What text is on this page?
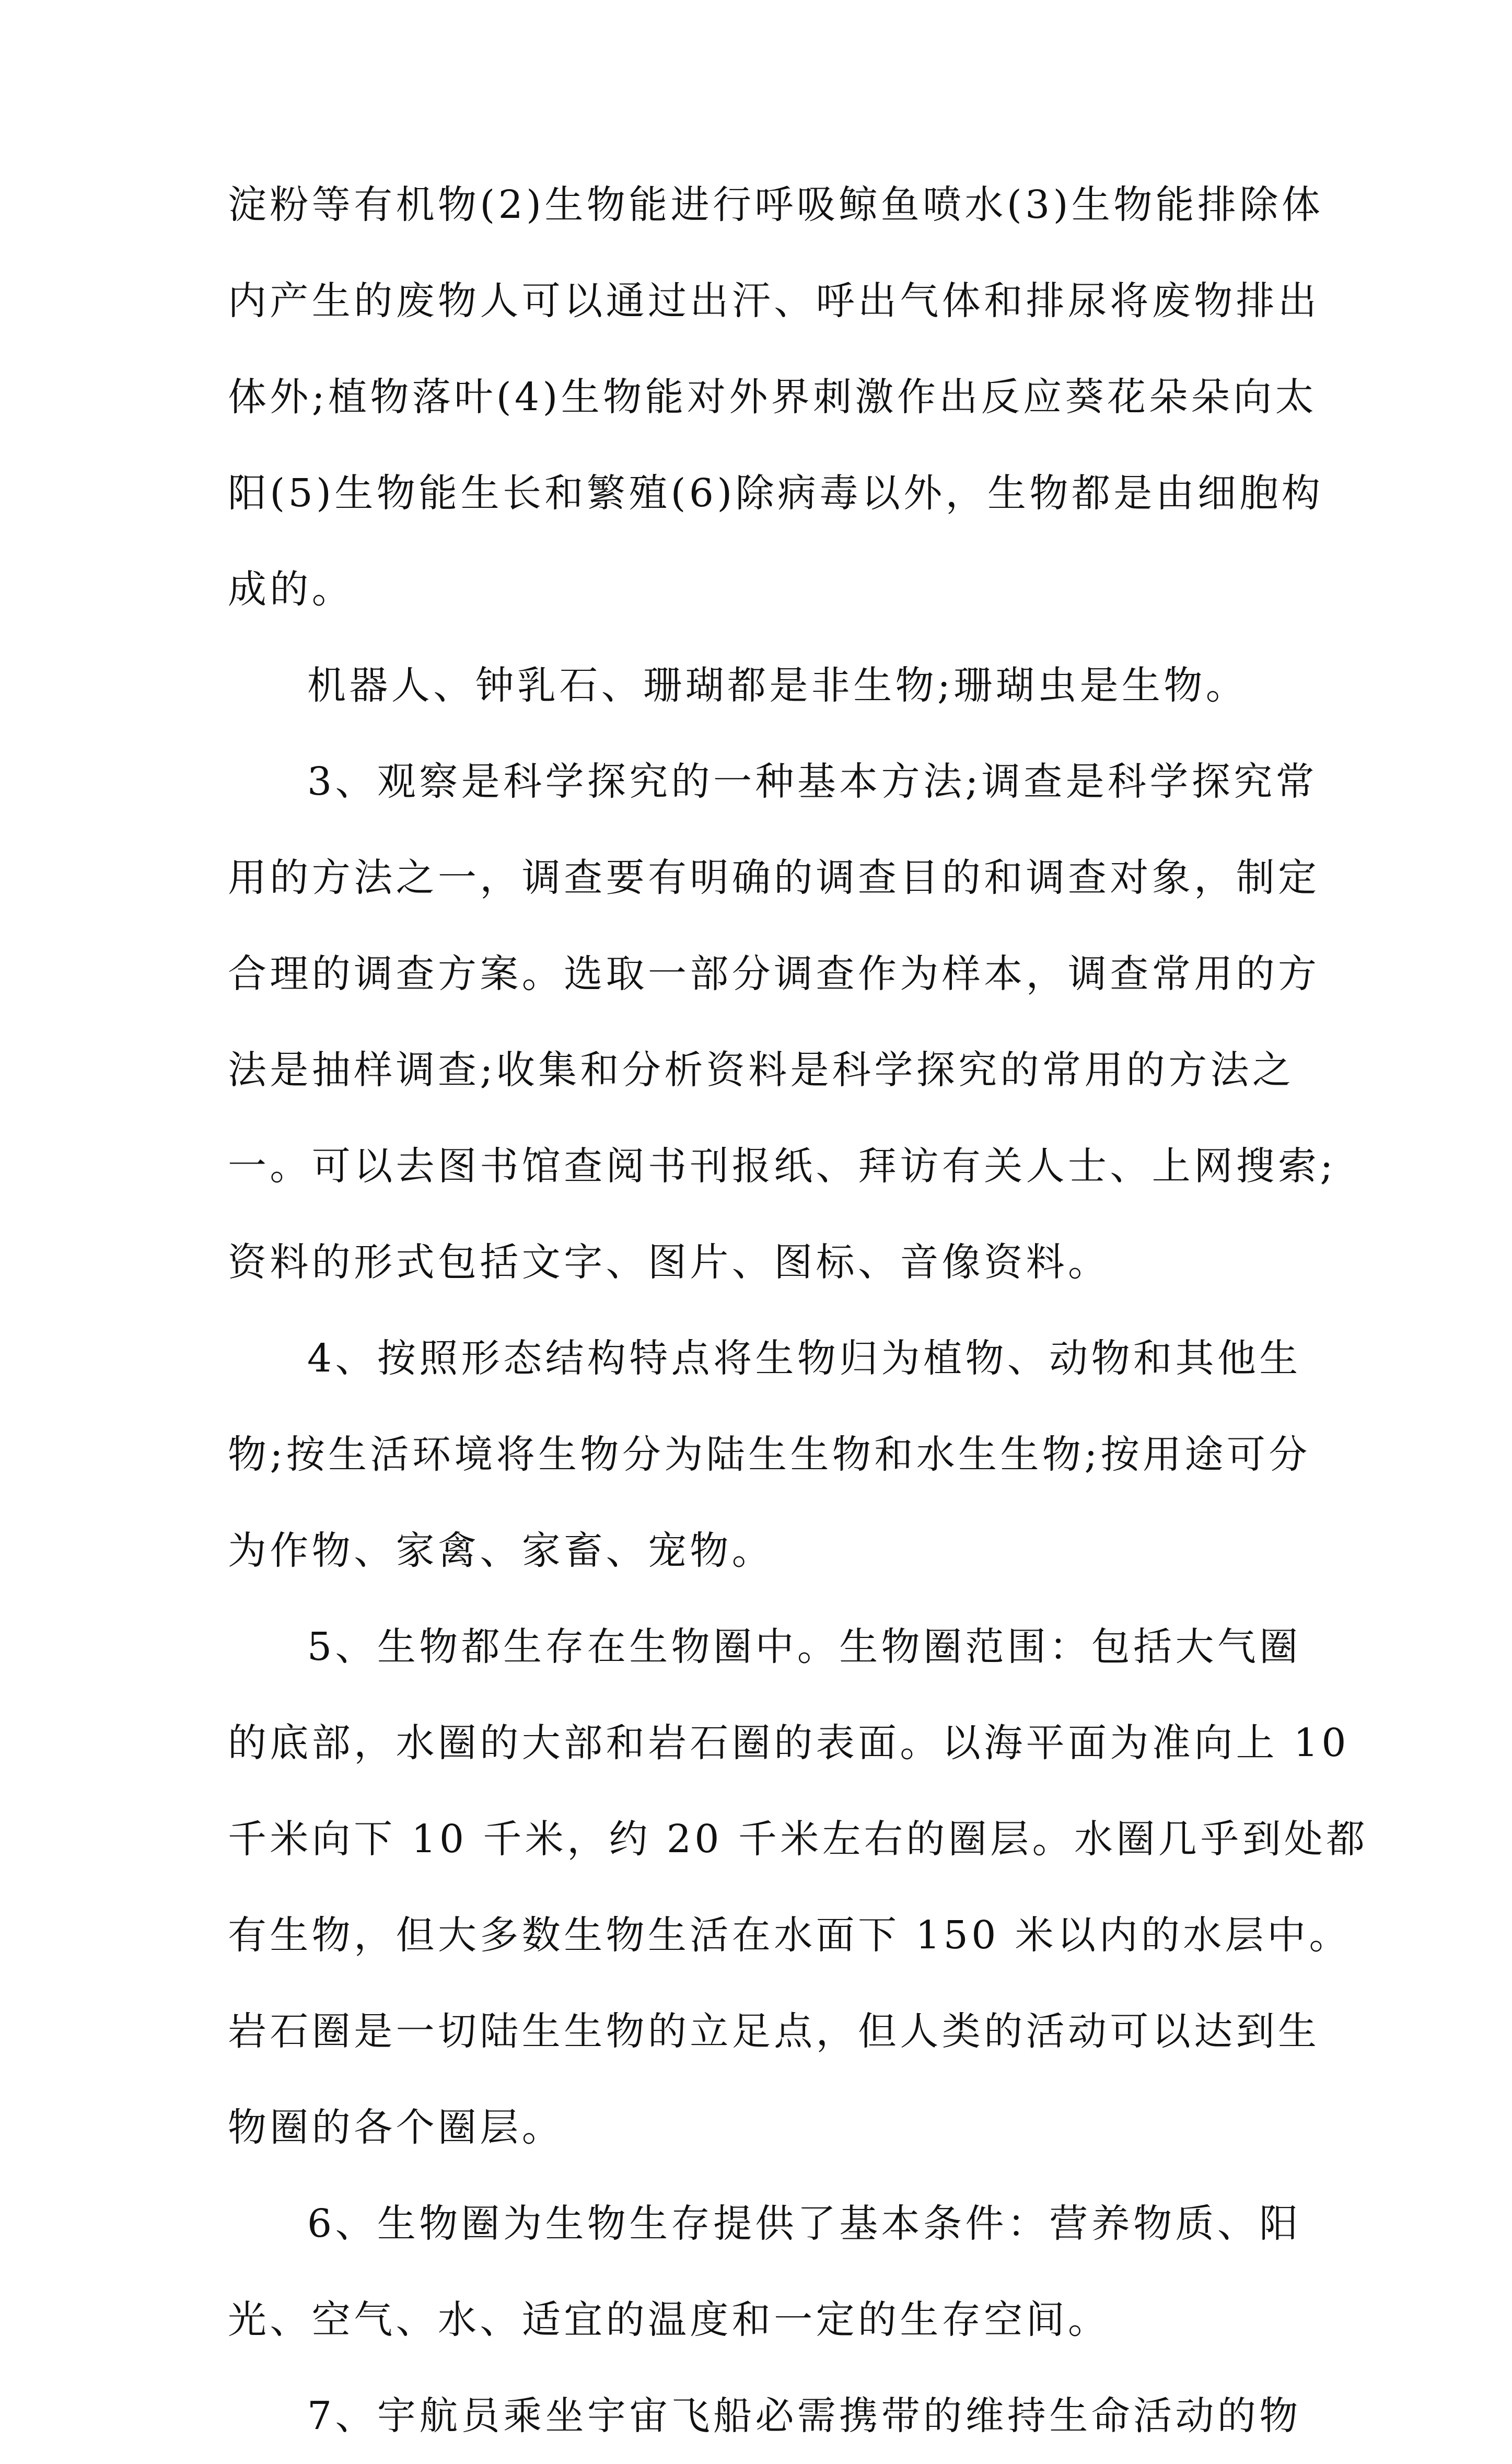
淀粉等有机物(2)生物能进行呼吸鲸鱼喷水(3)生物能排除体
内产生的废物人可以通过出汗、呼出气体和排尿将废物排出
体外;植物落叶(4)生物能对外界刺激作出反应葵花朵朵向太
阳(5)生物能生长和繁殖(6)除病毒以外，生物都是由细胞构
成的。
机器人、钟乳石、珊瑚都是非生物;珊瑚虫是生物。
3、观察是科学探究的一种基本方法;调查是科学探究常
用的方法之一，调查要有明确的调查目的和调查对象，制定
合理的调查方案。选取一部分调查作为样本，调查常用的方
法是抽样调查;收集和分析资料是科学探究的常用的方法之
一。可以去图书馆查阅书刊报纸、拜访有关人士、上网搜索;
资料的形式包括文字、图片、图标、音像资料。
4、按照形态结构特点将生物归为植物、动物和其他生
物;按生活环境将生物分为陆生生物和水生生物;按用途可分
为作物、家禽、家畜、宠物。
5、生物都生存在生物圈中。生物圈范围：包括大气圈
的底部，水圈的大部和岩石圈的表面。以海平面为准向上 10
千米向下 10 千米，约 20 千米左右的圈层。水圈几乎到处都
有生物，但大多数生物生活在水面下 150 米以内的水层中。
岩石圈是一切陆生生物的立足点，但人类的活动可以达到生
物圈的各个圈层。
6、生物圈为生物生存提供了基本条件：营养物质、阳
光、空气、水、适宜的温度和一定的生存空间。
7、宇航员乘坐宇宙飞船必需携带的维持生命活动的物
